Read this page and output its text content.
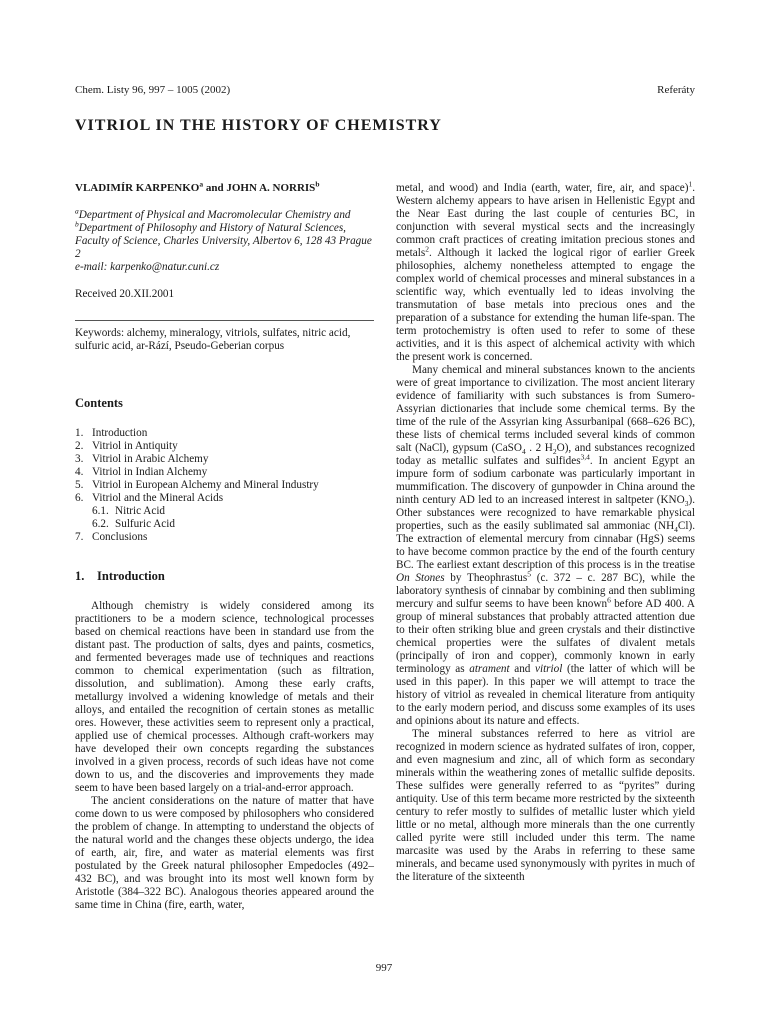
Chem. Listy 96, 997 – 1005 (2002)	Referáty
VITRIOL IN THE HISTORY OF CHEMISTRY

VLADIMÍR KARPENKO$^a$ and JOHN A. NORRIS$^b$

$^a$Department of Physical and Macromolecular Chemistry and

$^b$Department of Philosophy and History of Natural Sciences, Faculty of Science, Charles University, Albertov 6, 128 43 Prague 2

e-mail: karpenko@natur.cuni.cz

Received 20.XII.2001

Keywords: alchemy, mineralogy, vitriols, sulfates, nitric acid, sulfuric acid, ar-Rází, Pseudo-Geberian corpus

Contents
1. Introduction
2. Vitriol in Antiquity
3. Vitriol in Arabic Alchemy
4. Vitriol in Indian Alchemy
5. Vitriol in European Alchemy and Mineral Industry
6. Vitriol and the Mineral Acids
6.1. Nitric Acid
6.2. Sulfuric Acid
7. Conclusions
1. Introduction

Although chemistry is widely considered among its practitioners to be a modern science, technological processes based on chemical reactions have been in standard use from the distant past. The production of salts, dyes and paints, cosmetics, and fermented beverages made use of techniques and reactions common to chemical experimentation (such as filtration, dissolution, and sublimation). Among these early crafts, metallurgy involved a widening knowledge of metals and their alloys, and entailed the recognition of certain stones as metallic ores. However, these activities seem to represent only a practical, applied use of chemical processes. Although craft-workers may have developed their own concepts regarding the substances involved in a given process, records of such ideas have not come down to us, and the discoveries and improvements they made seem to have been based largely on a trial-and-error approach.

The ancient considerations on the nature of matter that have come down to us were composed by philosophers who considered the problem of change. In attempting to understand the objects of the natural world and the changes these objects undergo, the idea of earth, air, fire, and water as material elements was first postulated by the Greek natural philosopher Empedocles (492–432 BC), and was brought into its most well known form by Aristotle (384–322 BC). Analogous theories appeared around the same time in China (fire, earth, water,

metal, and wood) and India (earth, water, fire, air, and space)$^1$. Western alchemy appears to have arisen in Hellenistic Egypt and the Near East during the last couple of centuries BC, in conjunction with several mystical sects and the increasingly common craft practices of creating imitation precious stones and metals$^2$. Although it lacked the logical rigor of earlier Greek philosophies, alchemy nonetheless attempted to engage the complex world of chemical processes and mineral substances in a scientific way, which eventually led to ideas involving the transmutation of base metals into precious ones and the preparation of a substance for extending the human life-span. The term protochemistry is often used to refer to some of these activities, and it is this aspect of alchemical activity with which the present work is concerned.

Many chemical and mineral substances known to the ancients were of great importance to civilization. The most ancient literary evidence of familiarity with such substances is from Sumero-Assyrian dictionaries that include some chemical terms. By the time of the rule of the Assyrian king Assurbanipal (668–626 BC), these lists of chemical terms included several kinds of common salt (NaCl), gypsum (CaSO$_4$ . 2 $H_2O$), and substances recognized today as metallic sulfates and sulfides$^{3,4}$. In ancient Egypt an impure form of sodium carbonate was particularly important in mummification. The discovery of gunpowder in China around the ninth century AD led to an increased interest in saltpeter $(KNO_3)$. Other substances were recognized to have remarkable physical properties, such as the easily sublimated sal ammoniac $(NH_4Cl)$. The extraction of elemental mercury from cinnabar (HgS) seems to have become common practice by the end of the fourth century BC. The earliest extant description of this process is in the treatise On Stones by Theophrastus$^5$ (c. 372 – c. 287 BC), while the laboratory synthesis of cinnabar by combining and then subliming mercury and sulfur seems to have been known$^6$ before AD 400. A group of mineral substances that probably attracted attention due to their often striking blue and green crystals and their distinctive chemical properties were the sulfates of divalent metals (principally of iron and copper), commonly known in early terminology as atrament and vitriol (the latter of which will be used in this paper). In this paper we will attempt to trace the history of vitriol as revealed in chemical literature from antiquity to the early modern period, and discuss some examples of its uses and opinions about its nature and effects.

The mineral substances referred to here as vitriol are recognized in modern science as hydrated sulfates of iron, copper, and even magnesium and zinc, all of which form as secondary minerals within the weathering zones of metallic sulfide deposits. These sulfides were generally referred to as “pyrites” during antiquity. Use of this term became more restricted by the sixteenth century to refer mostly to sulfides of metallic luster which yield little or no metal, although more minerals than the one currently called pyrite were still included under this term. The name marcasite was used by the Arabs in referring to these same minerals, and became used synonymously with pyrites in much of the literature of the sixteenth

997
